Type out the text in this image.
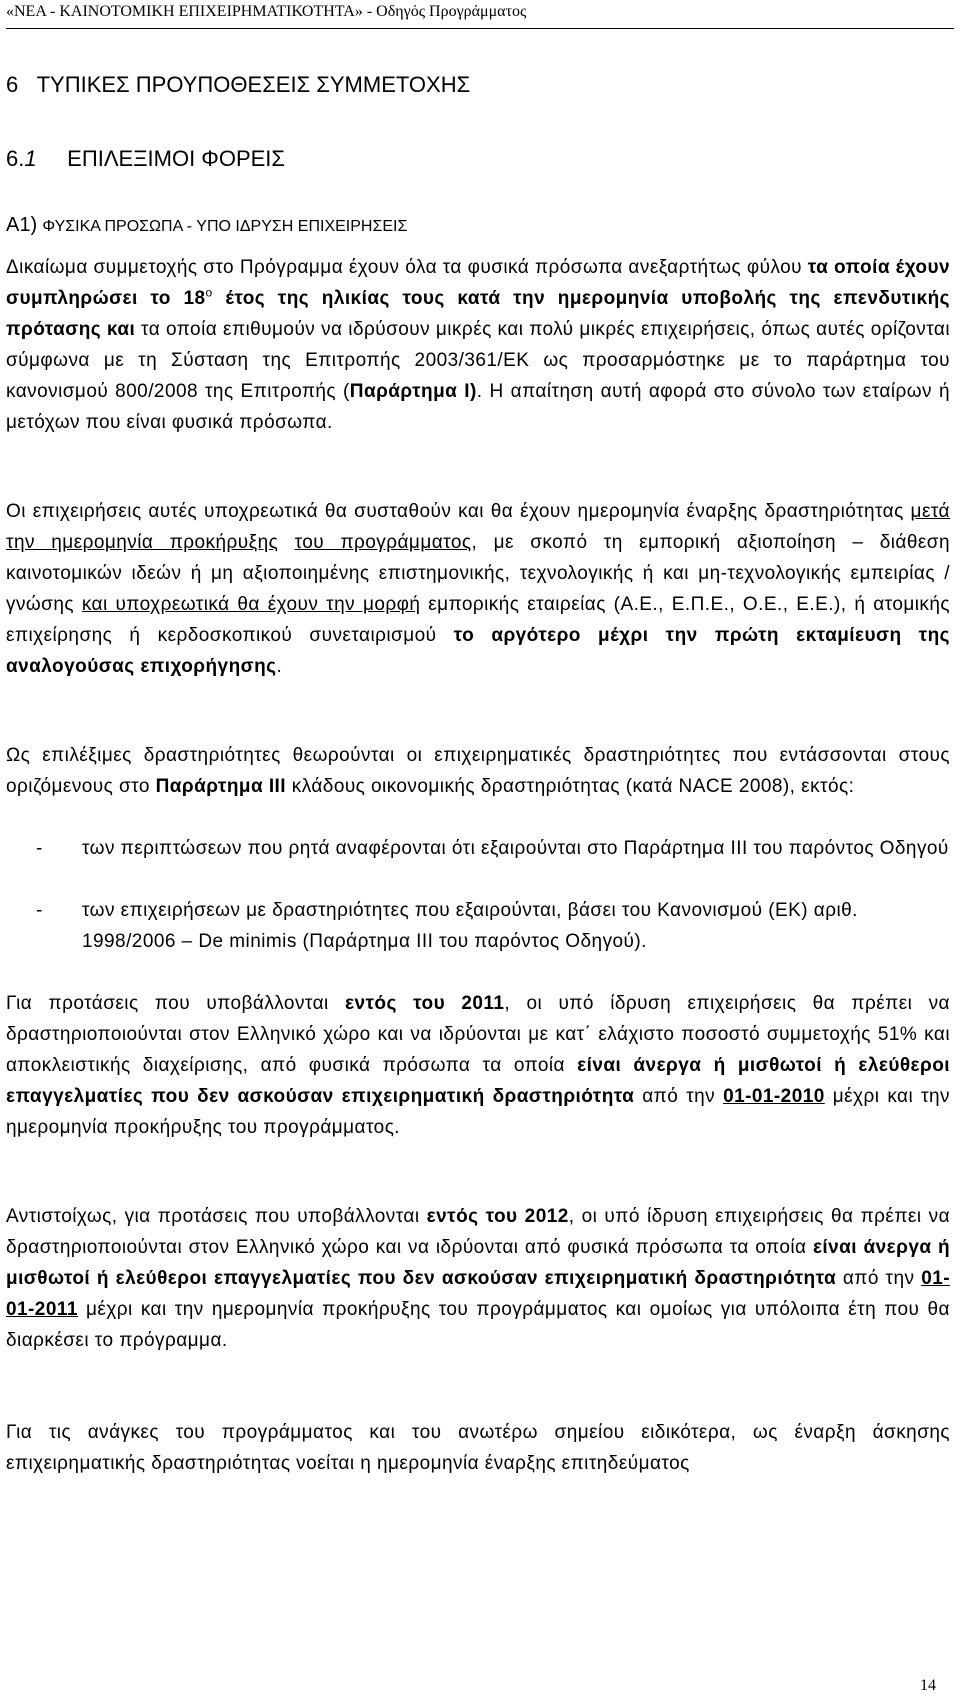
«ΝΕΑ - ΚΑΙΝΟΤΟΜΙΚΗ ΕΠΙΧΕΙΡΗΜΑΤΙΚΟΤΗΤΑ» - Οδηγός Προγράμματος
6 ΤΥΠΙΚΕΣ ΠΡΟΥΠΟΘΕΣΕΙΣ ΣΥΜΜΕΤΟΧΗΣ
6.1 ΕΠΙΛΕΞΙΜΟΙ ΦΟΡΕΙΣ
Α1) ΦΥΣΙΚΑ ΠΡΟΣΩΠΑ - ΥΠΟ ΙΔΡΥΣΗ ΕΠΙΧΕΙΡΗΣΕΙΣ

Δικαίωμα συμμετοχής στο Πρόγραμμα έχουν όλα τα φυσικά πρόσωπα ανεξαρτήτως φύλου τα οποία έχουν συμπληρώσει το $18^o$ έτος της ηλικίας τους κατά την ημερομηνία υποβολής της επενδυτικής πρότασης και τα οποία επιθυμούν να ιδρύσουν μικρές και πολύ μικρές επιχειρήσεις, όπως αυτές ορίζονται σύμφωνα με τη Σύσταση της Επιτροπής 2003/361/ΕΚ ως προσαρμόστηκε με το παράρτημα του κανονισμού 800/2008 της Επιτροπής (Παράρτημα Ι). Η απαίτηση αυτή αφορά στο σύνολο των εταίρων ή μετόχων που είναι φυσικά πρόσωπα.

Οι επιχειρήσεις αυτές υποχρεωτικά θα συσταθούν και θα έχουν ημερομηνία έναρξης δραστηριότητας μετά την ημερομηνία προκήρυξης του προγράμματος, με σκοπό τη εμπορική αξιοποίηση – διάθεση καινοτομικών ιδεών ή μη αξιοποιημένης επιστημονικής, τεχνολογικής ή και μη-τεχνολογικής εμπειρίας / γνώσης και υποχρεωτικά θα έχουν την μορφή εμπορικής εταιρείας (Α.Ε., Ε.Π.Ε., Ο.Ε., Ε.Ε.), ή ατομικής επιχείρησης ή κερδοσκοπικού συνεταιρισμού το αργότερο μέχρι την πρώτη εκταμίευση της αναλογούσας επιχορήγησης.

Ως επιλέξιμες δραστηριότητες θεωρούνται οι επιχειρηματικές δραστηριότητες που εντάσσονται στους οριζόμενους στο Παράρτημα ΙΙΙ κλάδους οικονομικής δραστηριότητας (κατά NACE 2008), εκτός:

- των περιπτώσεων που ρητά αναφέρονται ότι εξαιρούνται στο Παράρτημα ΙΙΙ του παρόντος Οδηγού
- των επιχειρήσεων με δραστηριότητες που εξαιρούνται, βάσει του Κανονισμού (ΕΚ) αριθ. 1998/2006 – De minimis (Παράρτημα ΙΙΙ του παρόντος Οδηγού).

Για προτάσεις που υποβάλλονται εντός του 2011, οι υπό ίδρυση επιχειρήσεις θα πρέπει να δραστηριοποιούνται στον Ελληνικό χώρο και να ιδρύονται με κατ΄ ελάχιστο ποσοστό συμμετοχής 51% και αποκλειστικής διαχείρισης, από φυσικά πρόσωπα τα οποία είναι άνεργα ή μισθωτοί ή ελεύθεροι επαγγελματίες που δεν ασκούσαν επιχειρηματική δραστηριότητα από την 01-01-2010 μέχρι και την ημερομηνία προκήρυξης του προγράμματος.

Αντιστοίχως, για προτάσεις που υποβάλλονται εντός του 2012, οι υπό ίδρυση επιχειρήσεις θα πρέπει να δραστηριοποιούνται στον Ελληνικό χώρο και να ιδρύονται από φυσικά πρόσωπα τα οποία είναι άνεργα ή μισθωτοί ή ελεύθεροι επαγγελματίες που δεν ασκούσαν επιχειρηματική δραστηριότητα από την 01-01-2011 μέχρι και την ημερομηνία προκήρυξης του προγράμματος και ομοίως για υπόλοιπα έτη που θα διαρκέσει το πρόγραμμα.

Για τις ανάγκες του προγράμματος και του ανωτέρω σημείου ειδικότερα, ως έναρξη άσκησης επιχειρηματικής δραστηριότητας νοείται η ημερομηνία έναρξης επιτηδεύματος

14
